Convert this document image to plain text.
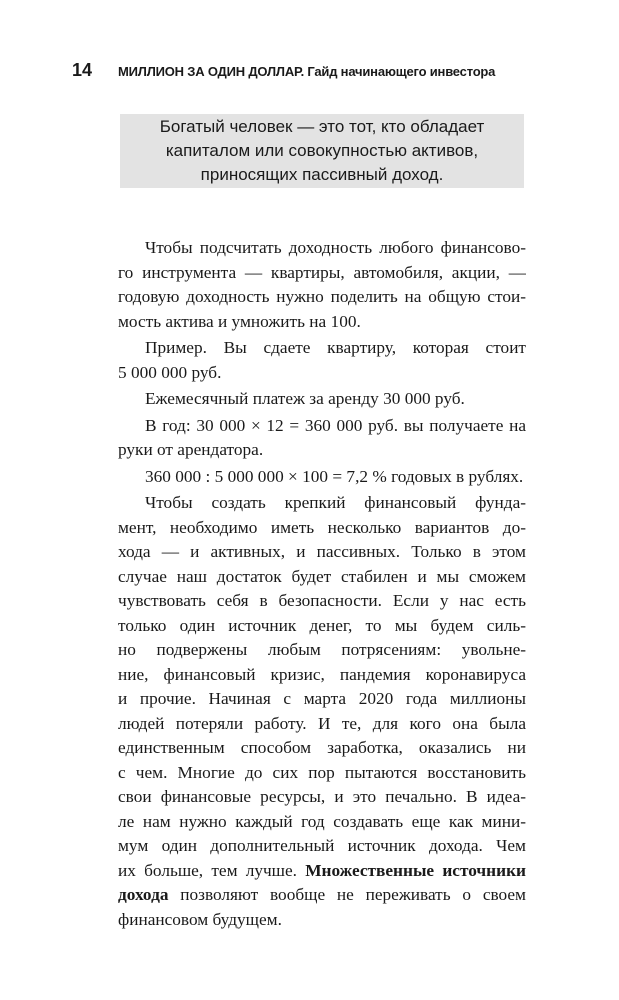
14	МИЛЛИОН ЗА ОДИН ДОЛЛАР. Гайд начинающего инвестора
Богатый человек — это тот, кто обладает
капиталом или совокупностью активов,
приносящих пассивный доход.
Чтобы подсчитать доходность любого финансово-
го инструмента — квартиры, автомобиля, акции, —
годовую доходность нужно поделить на общую стои-
мость актива и умножить на 100.
Пример. Вы сдаете квартиру, которая стоит
5 000 000 руб.
Ежемесячный платеж за аренду 30 000 руб.
В год: 30 000 × 12 = 360 000 руб. вы получаете на
руки от арендатора.
360 000 : 5 000 000 × 100 = 7,2 % годовых в рублях.
Чтобы создать крепкий финансовый фунда-
мент, необходимо иметь несколько вариантов до-
хода — и активных, и пассивных. Только в этом
случае наш достаток будет стабилен и мы сможем
чувствовать себя в безопасности. Если у нас есть
только один источник денег, то мы будем силь-
но подвержены любым потрясениям: увольне-
ние, финансовый кризис, пандемия коронавируса
и прочие. Начиная с марта 2020 года миллионы
людей потеряли работу. И те, для кого она была
единственным способом заработка, оказались ни
с чем. Многие до сих пор пытаются восстановить
свои финансовые ресурсы, и это печально. В идеа-
ле нам нужно каждый год создавать еще как мини-
мум один дополнительный источник дохода. Чем
их больше, тем лучше. Множественные источники
дохода позволяют вообще не переживать о своем
финансовом будущем.
